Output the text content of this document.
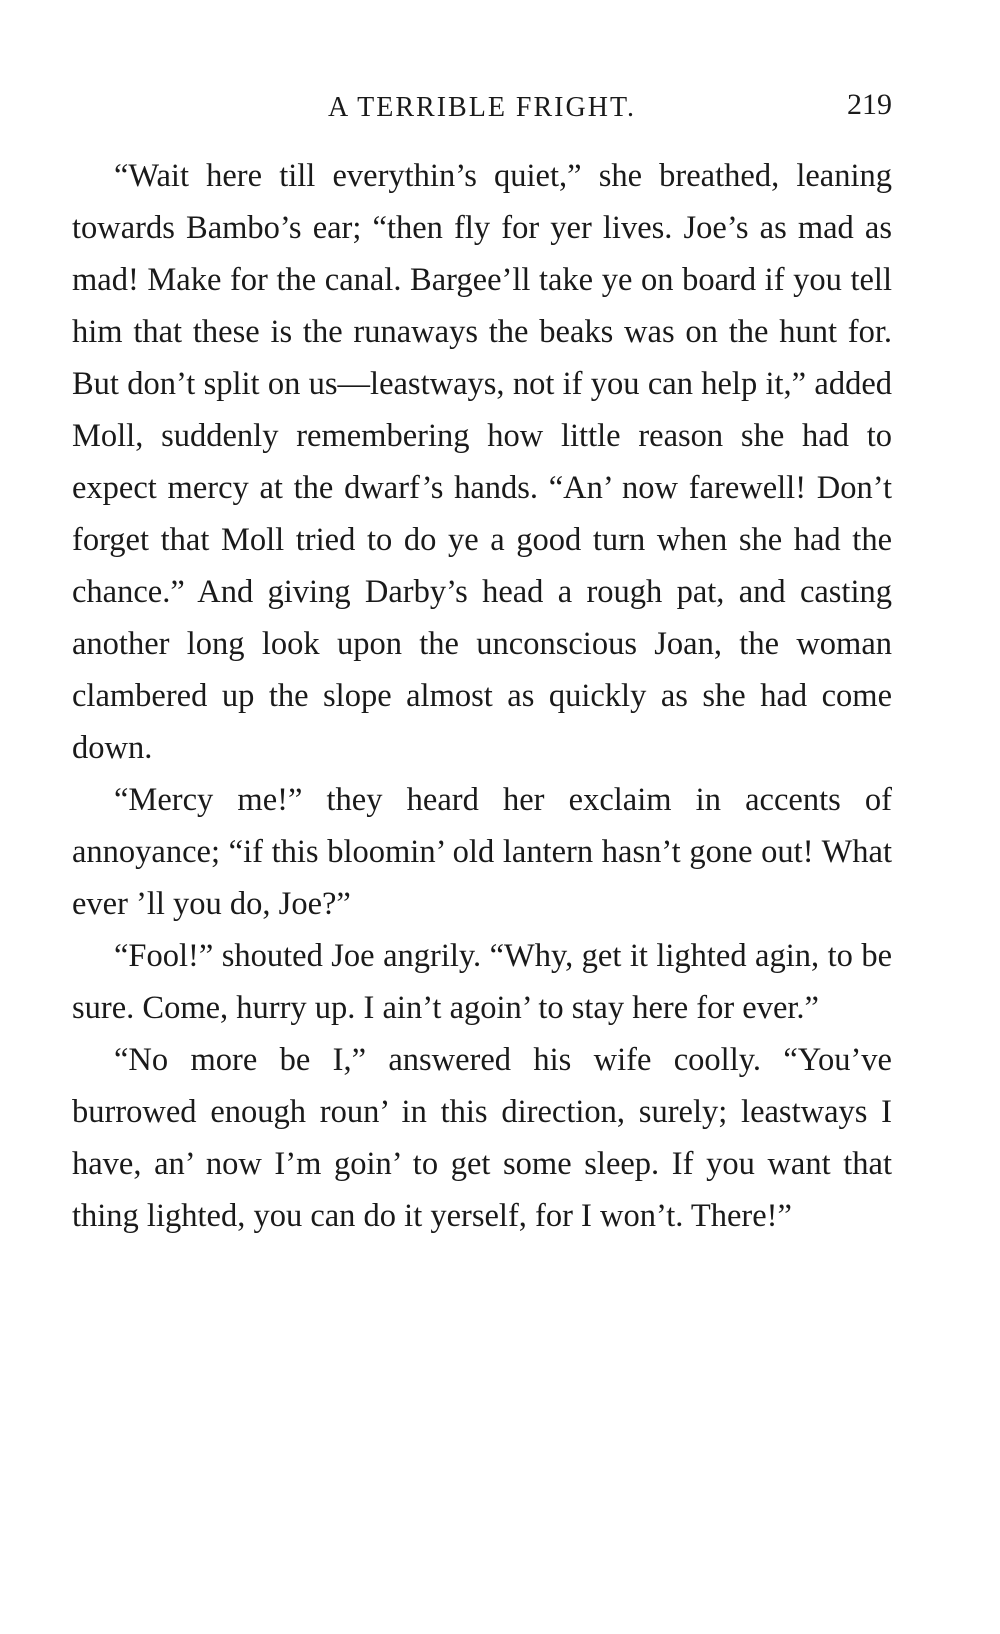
A TERRIBLE FRIGHT.	219

“Wait here till everythin’s quiet,” she breathed, leaning towards Bambo’s ear; “then fly for yer lives. Joe’s as mad as mad! Make for the canal. Bargee’ll take ye on board if you tell him that these is the runaways the beaks was on the hunt for. But don’t split on us—leastways, not if you can help it,” added Moll, suddenly remembering how little reason she had to expect mercy at the dwarf’s hands. “An’ now farewell! Don’t forget that Moll tried to do ye a good turn when she had the chance.” And giving Darby’s head a rough pat, and casting another long look upon the unconscious Joan, the woman clambered up the slope almost as quickly as she had come down.

“Mercy me!” they heard her exclaim in accents of annoyance; “if this bloomin’ old lantern hasn’t gone out! What ever ’ll you do, Joe?”

“Fool!” shouted Joe angrily. “Why, get it lighted agin, to be sure. Come, hurry up. I ain’t agoin’ to stay here for ever.”

“No more be I,” answered his wife coolly. “You’ve burrowed enough roun’ in this direction, surely; leastways I have, an’ now I’m goin’ to get some sleep. If you want that thing lighted, you can do it yerself, for I won’t. There!”
